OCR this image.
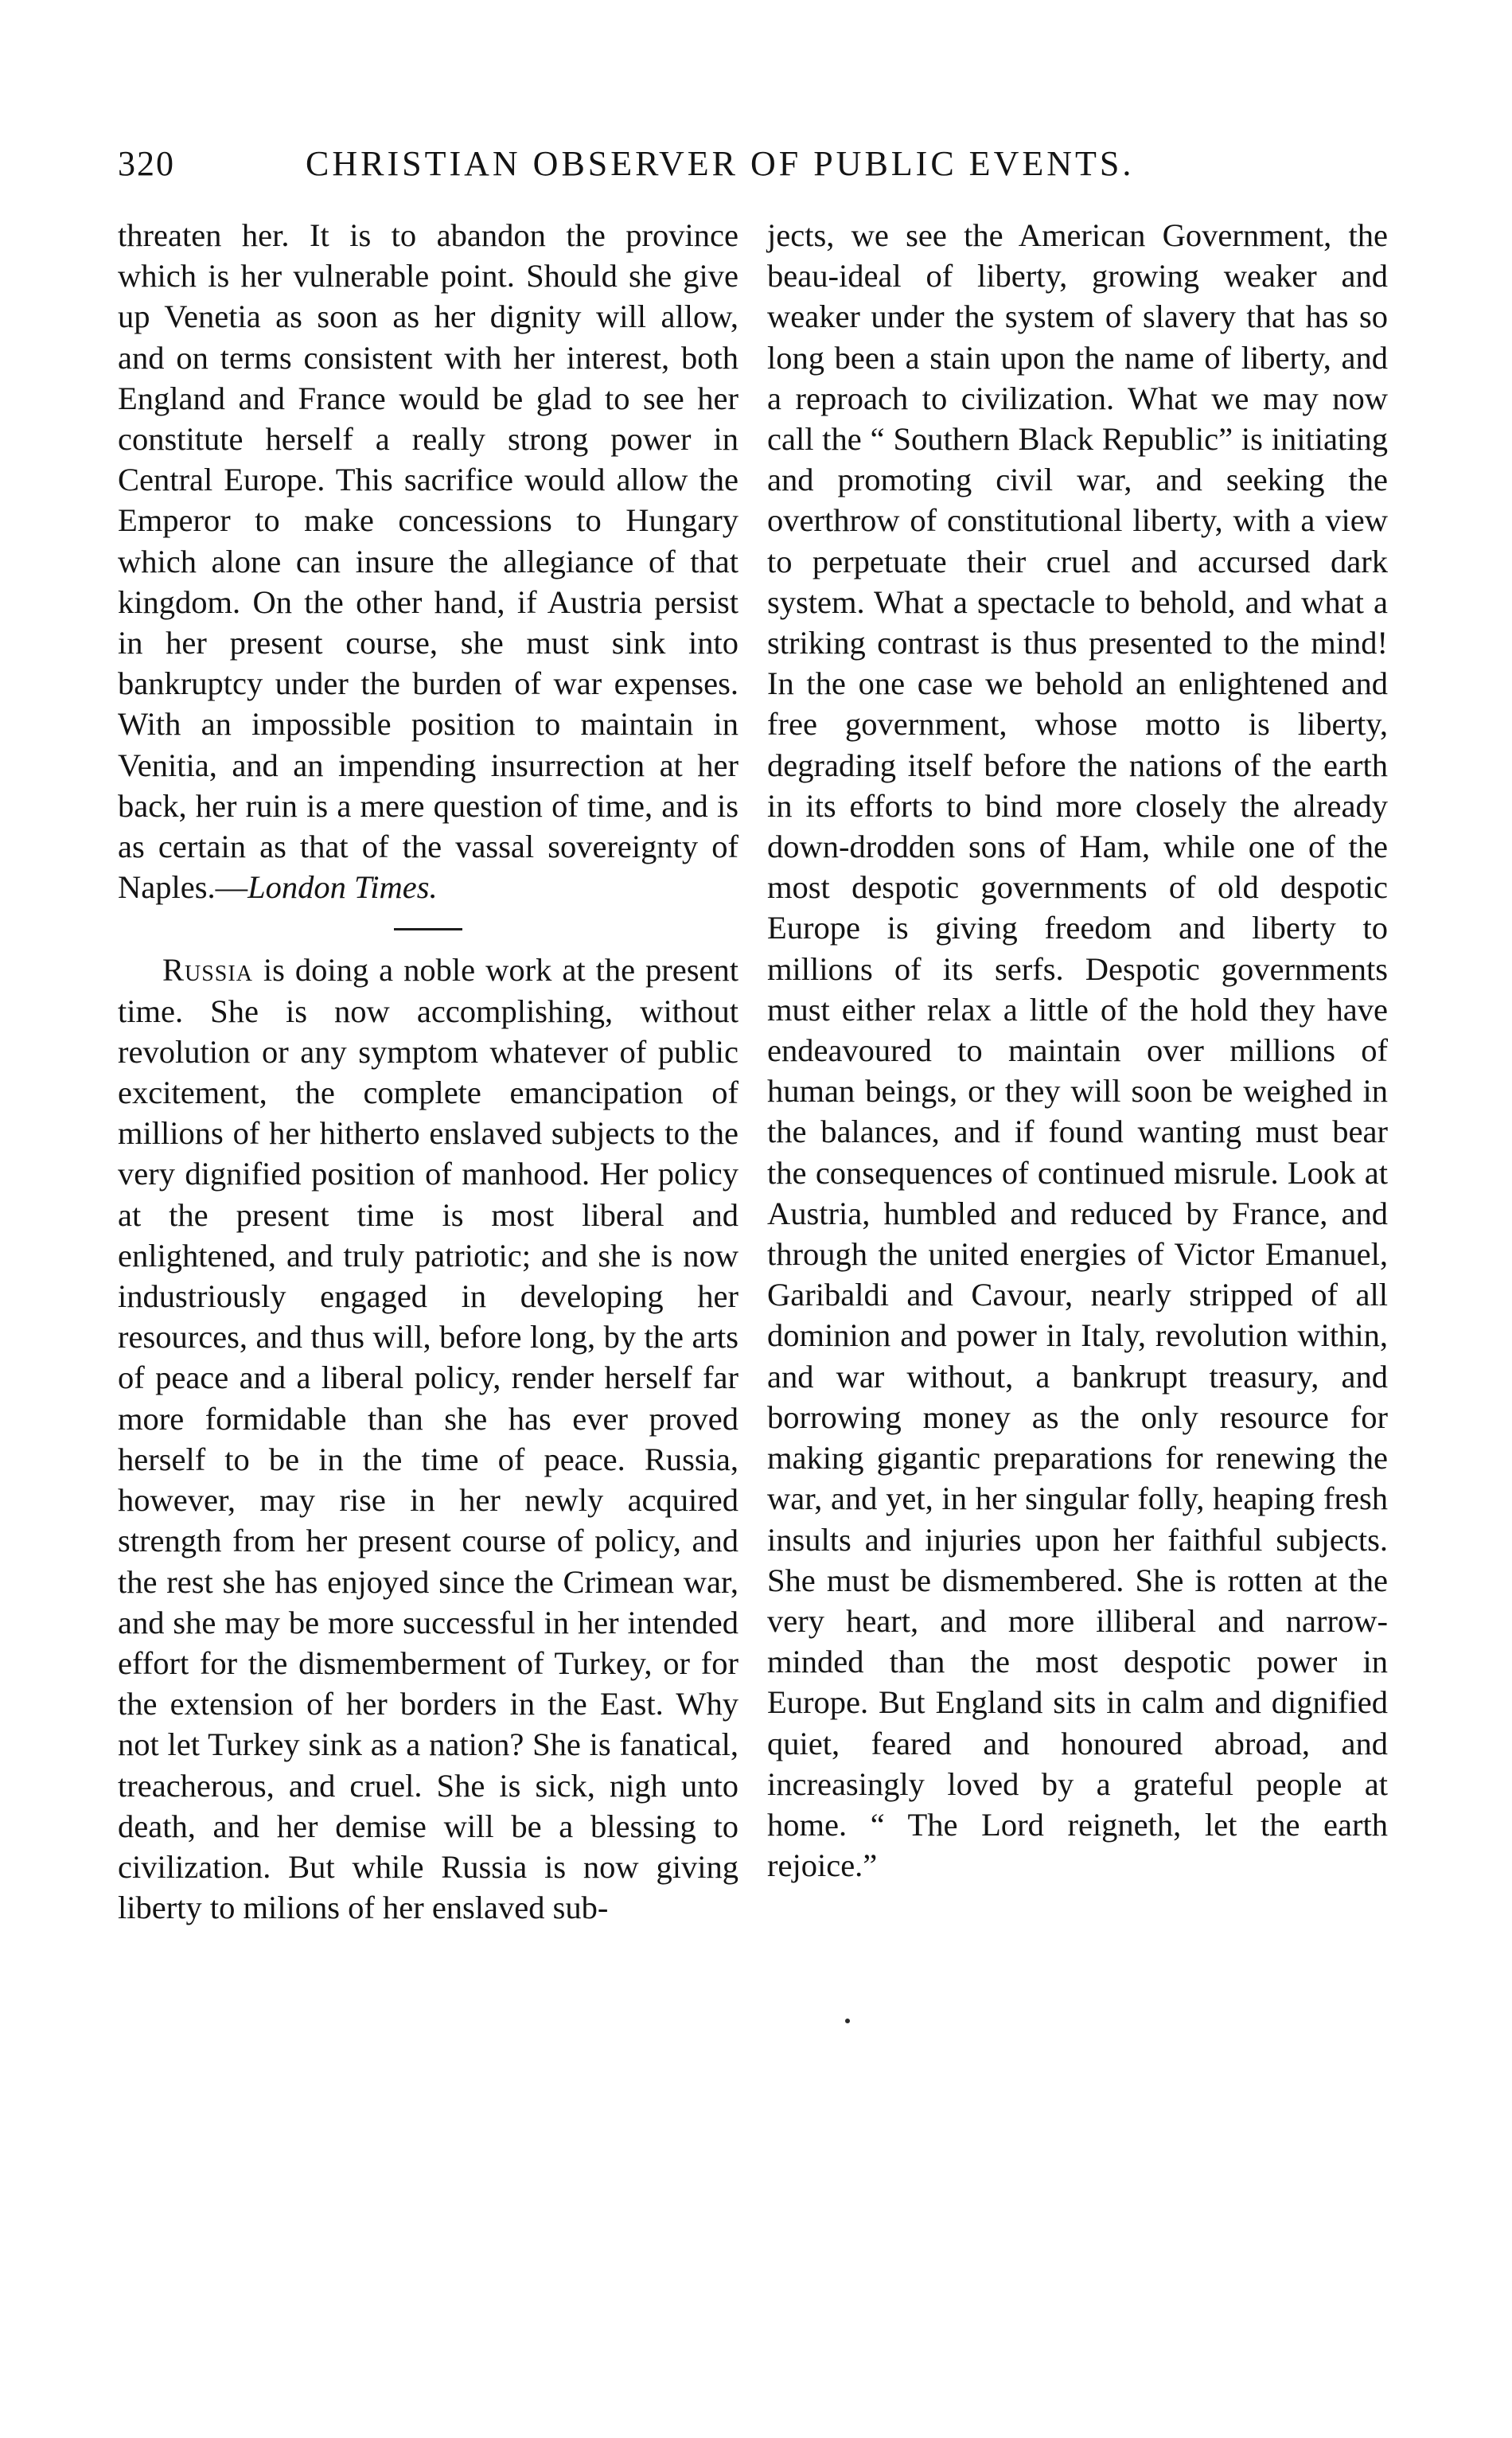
320	CHRISTIAN OBSERVER OF PUBLIC EVENTS.

threaten her. It is to abandon the province which is her vulnerable point. Should she give up Venetia as soon as her dignity will allow, and on terms consistent with her interest, both England and France would be glad to see her constitute herself a really strong power in Central Europe. This sacrifice would allow the Emperor to make concessions to Hungary which alone can insure the allegiance of that kingdom. On the other hand, if Austria persist in her present course, she must sink into bankruptcy under the burden of war expenses. With an impossible position to maintain in Venitia, and an impending insurrection at her back, her ruin is a mere question of time, and is as certain as that of the vassal sovereignty of Naples.—London Times.

Russia is doing a noble work at the present time. She is now accomplishing, without revolution or any symptom whatever of public excitement, the complete emancipation of millions of her hitherto enslaved subjects to the very dignified position of manhood. Her policy at the present time is most liberal and enlightened, and truly patriotic; and she is now industriously engaged in developing her resources, and thus will, before long, by the arts of peace and a liberal policy, render herself far more formidable than she has ever proved herself to be in the time of peace. Russia, however, may rise in her newly acquired strength from her present course of policy, and the rest she has enjoyed since the Crimean war, and she may be more successful in her intended effort for the dismemberment of Turkey, or for the extension of her borders in the East. Why not let Turkey sink as a nation? She is fanatical, treacherous, and cruel. She is sick, nigh unto death, and her demise will be a blessing to civilization. But while Russia is now giving liberty to milions of her enslaved sub-

jects, we see the American Government, the beau-ideal of liberty, growing weaker and weaker under the system of slavery that has so long been a stain upon the name of liberty, and a reproach to civilization. What we may now call the “ Southern Black Republic” is initiating and promoting civil war, and seeking the overthrow of constitutional liberty, with a view to perpetuate their cruel and accursed dark system. What a spectacle to behold, and what a striking contrast is thus presented to the mind! In the one case we behold an enlightened and free government, whose motto is liberty, degrading itself before the nations of the earth in its efforts to bind more closely the already down-drodden sons of Ham, while one of the most despotic governments of old despotic Europe is giving freedom and liberty to millions of its serfs. Despotic governments must either relax a little of the hold they have endeavoured to maintain over millions of human beings, or they will soon be weighed in the balances, and if found wanting must bear the consequences of continued misrule. Look at Austria, humbled and reduced by France, and through the united energies of Victor Emanuel, Garibaldi and Cavour, nearly stripped of all dominion and power in Italy, revolution within, and war without, a bankrupt treasury, and borrowing money as the only resource for making gigantic preparations for renewing the war, and yet, in her singular folly, heaping fresh insults and injuries upon her faithful subjects. She must be dismembered. She is rotten at the very heart, and more illiberal and narrow-minded than the most despotic power in Europe. But England sits in calm and dignified quiet, feared and honoured abroad, and increasingly loved by a grateful people at home. “ The Lord reigneth, let the earth rejoice.”
